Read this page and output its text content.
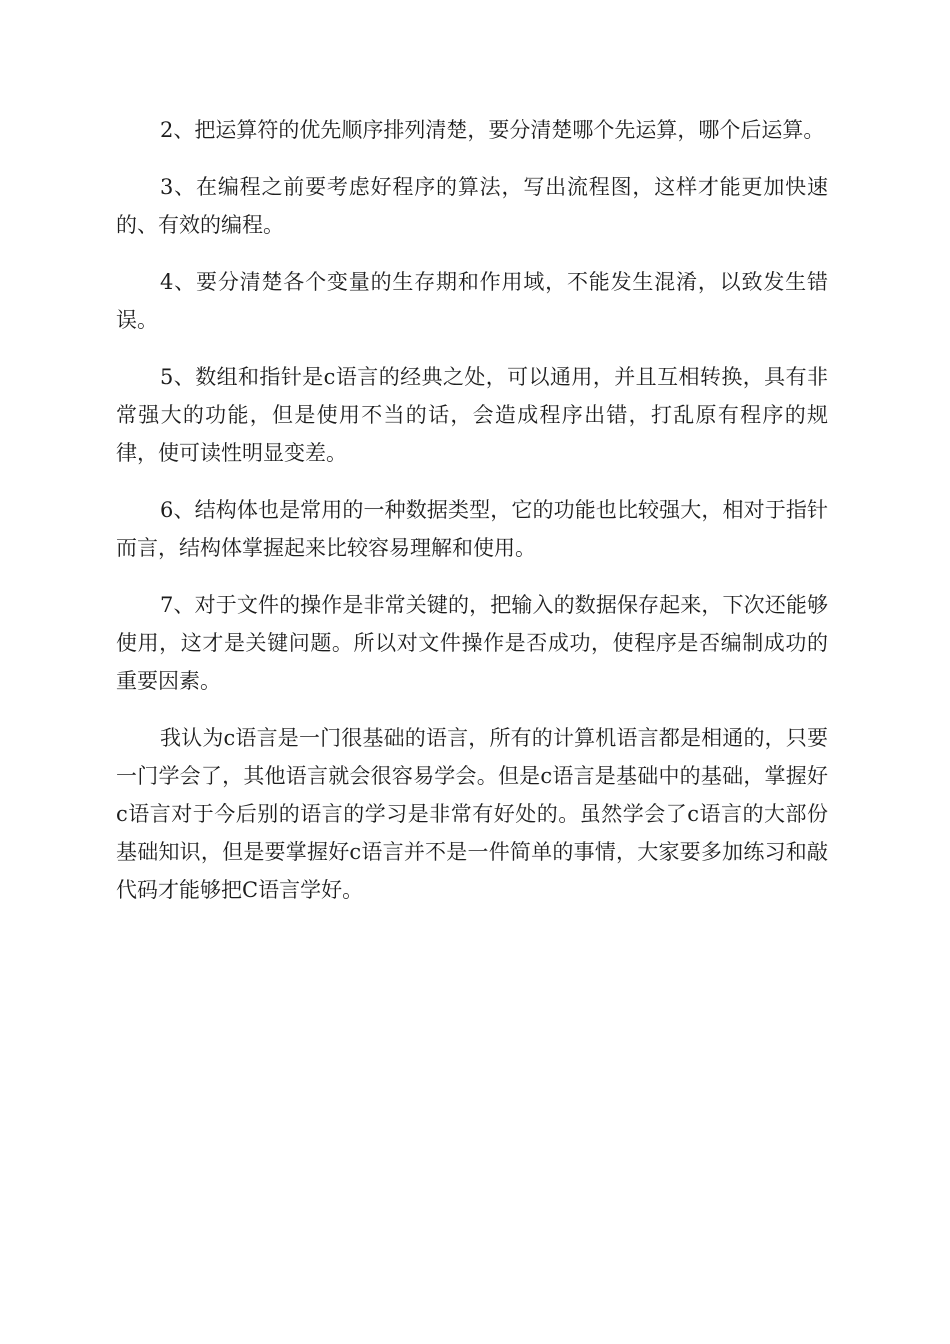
2、把运算符的优先顺序排列清楚，要分清楚哪个先运算，哪个后运算。

3、在编程之前要考虑好程序的算法，写出流程图，这样才能更加快速的、有效的编程。

4、要分清楚各个变量的生存期和作用域，不能发生混淆，以致发生错误。

5、数组和指针是c语言的经典之处，可以通用，并且互相转换，具有非常强大的功能，但是使用不当的话，会造成程序出错，打乱原有程序的规律，使可读性明显变差。

6、结构体也是常用的一种数据类型，它的功能也比较强大，相对于指针而言，结构体掌握起来比较容易理解和使用。

7、对于文件的操作是非常关键的，把输入的数据保存起来，下次还能够使用，这才是关键问题。所以对文件操作是否成功，使程序是否编制成功的重要因素。

我认为c语言是一门很基础的语言，所有的计算机语言都是相通的，只要一门学会了，其他语言就会很容易学会。但是c语言是基础中的基础，掌握好c语言对于今后别的语言的学习是非常有好处的。虽然学会了c语言的大部份基础知识，但是要掌握好c语言并不是一件简单的事情，大家要多加练习和敲代码才能够把C语言学好。
